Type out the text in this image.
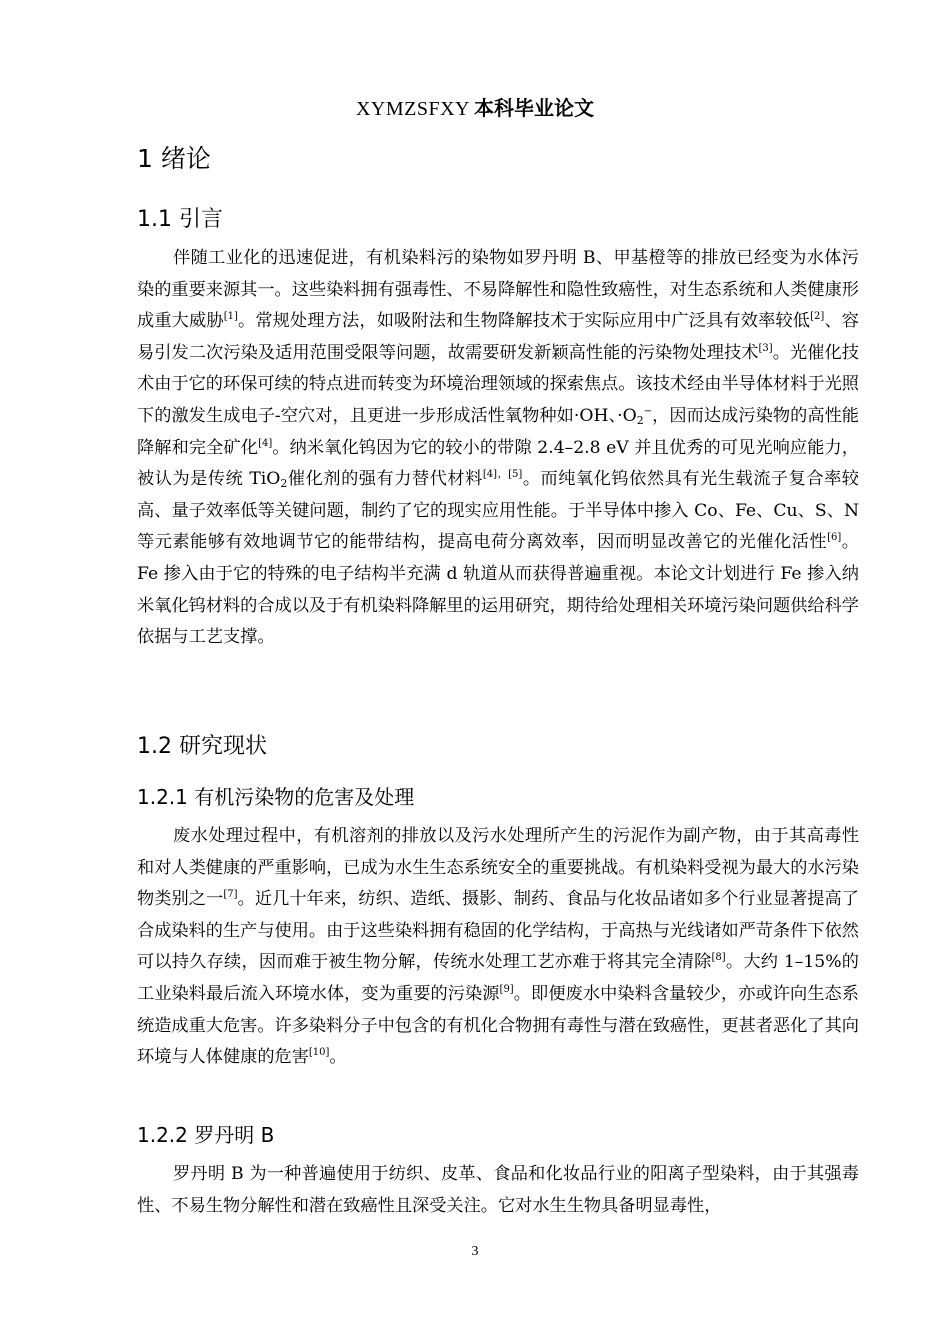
XYMZSFXY 本科毕业论文
1 绪论
1.1 引言

伴随工业化的迅速促进，有机染料污的染物如罗丹明 B、甲基橙等的排放已经变为水体污染的重要来源其一。这些染料拥有强毒性、不易降解性和隐性致癌性，对生态系统和人类健康形成重大威胁[1]。常规处理方法，如吸附法和生物降解技术于实际应用中广泛具有效率较低[2]、容易引发二次污染及适用范围受限等问题，故需要研发新颖高性能的污染物处理技术[3]。光催化技术由于它的环保可续的特点进而转变为环境治理领域的探索焦点。该技术经由半导体材料于光照下的激发生成电子-空穴对，且更进一步形成活性氧物种如·OH、$\cdot O_2^-$，因而达成污染物的高性能降解和完全矿化[4]。纳米氧化钨因为它的较小的带隙 2.4–2.8 eV 并且优秀的可见光响应能力，被认为是传统 TiO$_2$催化剂的强有力替代材料[4]，[5]。而纯氧化钨依然具有光生载流子复合率较高、量子效率低等关键问题，制约了它的现实应用性能。于半导体中掺入 Co、Fe、Cu、S、N 等元素能够有效地调节它的能带结构，提高电荷分离效率，因而明显改善它的光催化活性[6]。Fe 掺入由于它的特殊的电子结构半充满 d 轨道从而获得普遍重视。本论文计划进行 Fe 掺入纳米氧化钨材料的合成以及于有机染料降解里的运用研究，期待给处理相关环境污染问题供给科学依据与工艺支撑。

1.2 研究现状
1.2.1 有机污染物的危害及处理

废水处理过程中，有机溶剂的排放以及污水处理所产生的污泥作为副产物，由于其高毒性和对人类健康的严重影响，已成为水生生态系统安全的重要挑战。有机染料受视为最大的水污染物类别之一[7]。近几十年来，纺织、造纸、摄影、制药、食品与化妆品诸如多个行业显著提高了合成染料的生产与使用。由于这些染料拥有稳固的化学结构，于高热与光线诸如严苛条件下依然可以持久存续，因而难于被生物分解，传统水处理工艺亦难于将其完全清除[8]。大约 1–15%的工业染料最后流入环境水体，变为重要的污染源[9]。即便废水中染料含量较少，亦或许向生态系统造成重大危害。许多染料分子中包含的有机化合物拥有毒性与潜在致癌性，更甚者恶化了其向环境与人体健康的危害[10]。

1.2.2 罗丹明 B

罗丹明 B 为一种普遍使用于纺织、皮革、食品和化妆品行业的阳离子型染料，由于其强毒性、不易生物分解性和潜在致癌性且深受关注。它对水生生物具备明显毒性，

3
